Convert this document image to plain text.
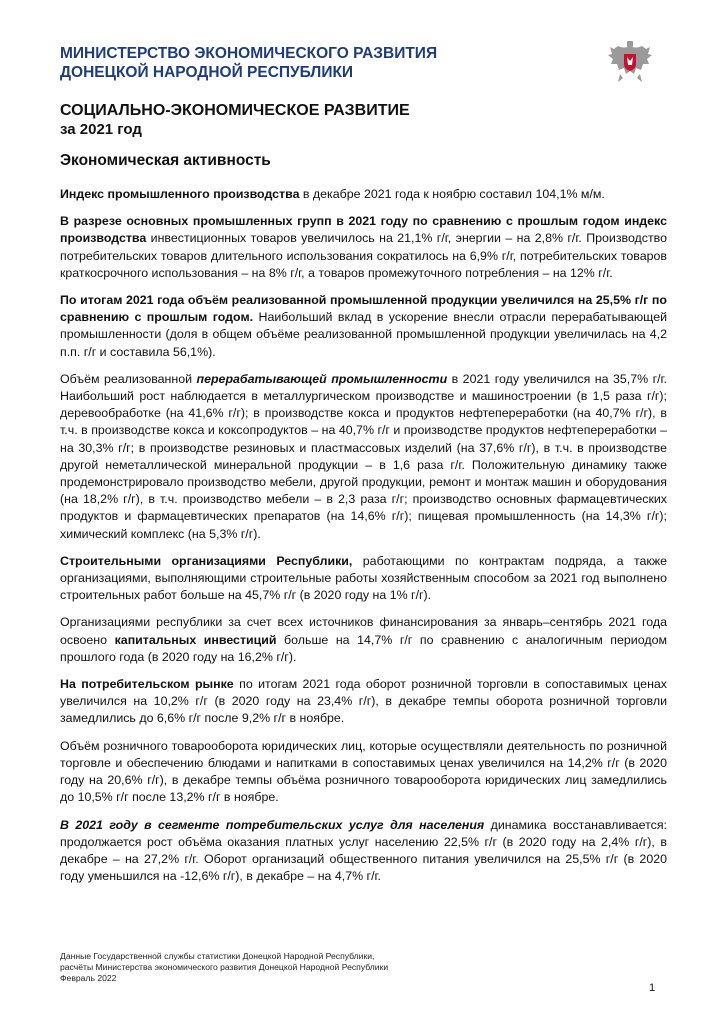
МИНИСТЕРСТВО ЭКОНОМИЧЕСКОГО РАЗВИТИЯ
ДОНЕЦКОЙ НАРОДНОЙ РЕСПУБЛИКИ
СОЦИАЛЬНО-ЭКОНОМИЧЕСКОЕ РАЗВИТИЕ
за 2021 год
Экономическая активность

Индекс промышленного производства в декабре 2021 года к ноябрю составил 104,1% м/м.

В разрезе основных промышленных групп в 2021 году по сравнению с прошлым годом индекс производства инвестиционных товаров увеличилось на 21,1% г/г, энергии – на 2,8% г/г. Производство потребительских товаров длительного использования сократилось на 6,9% г/г, потребительских товаров краткосрочного использования – на 8% г/г, а товаров промежуточного потребления – на 12% г/г.

По итогам 2021 года объём реализованной промышленной продукции увеличился на 25,5% г/г по сравнению с прошлым годом. Наибольший вклад в ускорение внесли отрасли перерабатывающей промышленности (доля в общем объёме реализованной промышленной продукции увеличилась на 4,2 п.п. г/г и составила 56,1%).

Объём реализованной перерабатывающей промышленности в 2021 году увеличился на 35,7% г/г. Наибольший рост наблюдается в металлургическом производстве и машиностроении (в 1,5 раза г/г); деревообработке (на 41,6% г/г); в производстве кокса и продуктов нефтепереработки (на 40,7% г/г), в т.ч. в производстве кокса и коксопродуктов – на 40,7% г/г и производстве продуктов нефтепереработки – на 30,3% г/г; в производстве резиновых и пластмассовых изделий (на 37,6% г/г), в т.ч. в производстве другой неметаллической минеральной продукции – в 1,6 раза г/г. Положительную динамику также продемонстрировало производство мебели, другой продукции, ремонт и монтаж машин и оборудования (на 18,2% г/г), в т.ч. производство мебели – в 2,3 раза г/г; производство основных фармацевтических продуктов и фармацевтических препаратов (на 14,6% г/г); пищевая промышленность (на 14,3% г/г); химический комплекс (на 5,3% г/г).

Строительными организациями Республики, работающими по контрактам подряда, а также организациями, выполняющими строительные работы хозяйственным способом за 2021 год выполнено строительных работ больше на 45,7% г/г (в 2020 году на 1% г/г).

Организациями республики за счет всех источников финансирования за январь–сентябрь 2021 года освоено капитальных инвестиций больше на 14,7% г/г по сравнению с аналогичным периодом прошлого года (в 2020 году на 16,2% г/г).

На потребительском рынке по итогам 2021 года оборот розничной торговли в сопоставимых ценах увеличился на 10,2% г/г (в 2020 году на 23,4% г/г), в декабре темпы оборота розничной торговли замедлились до 6,6% г/г после 9,2% г/г в ноябре.

Объём розничного товарооборота юридических лиц, которые осуществляли деятельность по розничной торговле и обеспечению блюдами и напитками в сопоставимых ценах увеличился на 14,2% г/г (в 2020 году на 20,6% г/г), в декабре темпы объёма розничного товарооборота юридических лиц замедлились до 10,5% г/г после 13,2% г/г в ноябре.

В 2021 году в сегменте потребительских услуг для населения динамика восстанавливается: продолжается рост объёма оказания платных услуг населению 22,5% г/г (в 2020 году на 2,4% г/г), в декабре – на 27,2% г/г. Оборот организаций общественного питания увеличился на 25,5% г/г (в 2020 году уменьшился на -12,6% г/г), в декабре – на 4,7% г/г.

Данные Государственной службы статистики Донецкой Народной Республики,
расчёты Министерства экономического развития Донецкой Народной Республики
Февраль 2022
1
